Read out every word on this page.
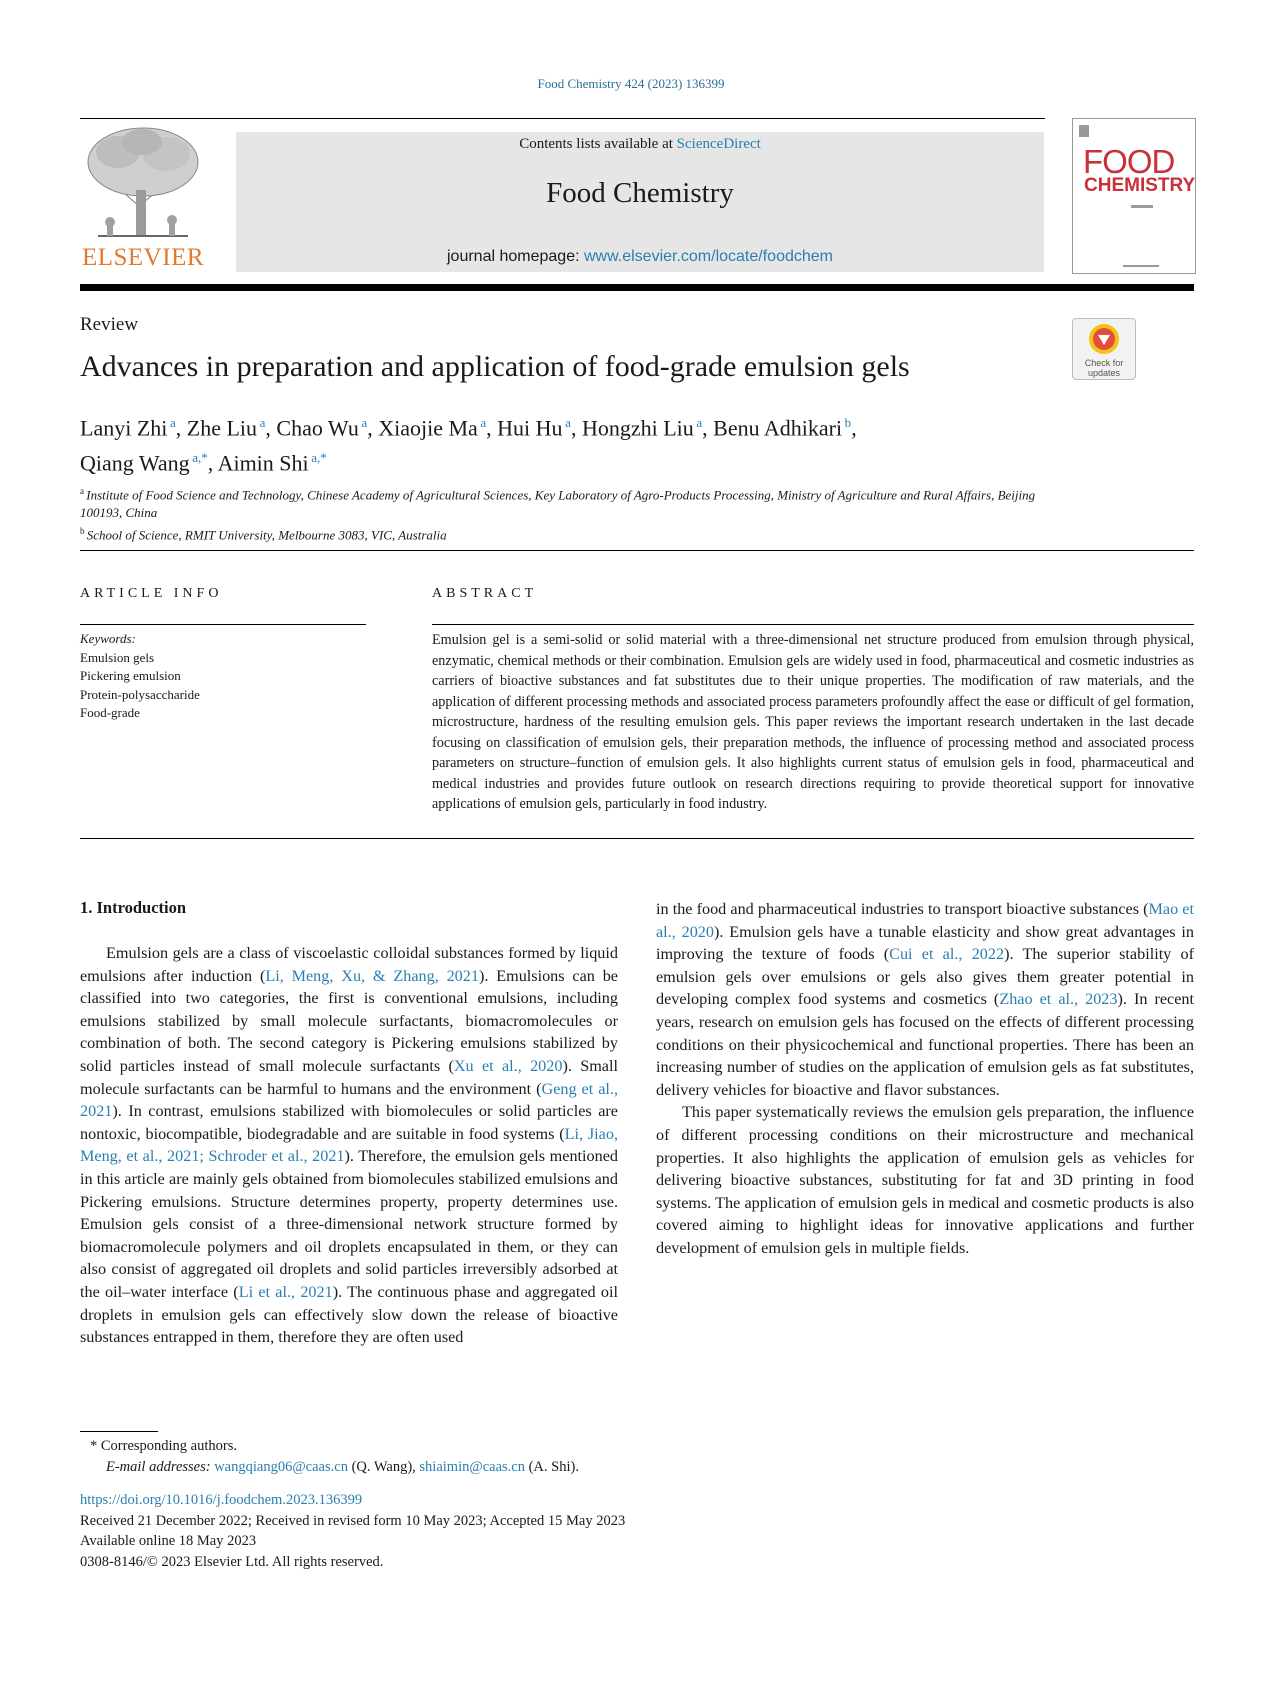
Food Chemistry 424 (2023) 136399
ELSEVIER
Contents lists available at ScienceDirect
Food Chemistry
journal homepage: www.elsevier.com/locate/foodchem
FOOD
CHEMISTRY
Review
Advances in preparation and application of food-grade emulsion gels	Check for updates
Lanyi Zhi $^a$, Zhe Liu $^a$, Chao Wu $^a$, Xiaojie Ma $^a$, Hui Hu $^a$, Hongzhi Liu $^a$, Benu Adhikari $^b$,
Qiang Wang $^{a,*}$, Aimin Shi $^{a,*}$
$^a$ Institute of Food Science and Technology, Chinese Academy of Agricultural Sciences, Key Laboratory of Agro-Products Processing, Ministry of Agriculture and Rural Affairs, Beijing 100193, China
$^b$ School of Science, RMIT University, Melbourne 3083, VIC, Australia
ARTICLE INFO	ABSTRACT
Keywords:
Emulsion gels
Pickering emulsion
Protein-polysaccharide
Food-grade
Emulsion gel is a semi-solid or solid material with a three-dimensional net structure produced from emulsion through physical, enzymatic, chemical methods or their combination. Emulsion gels are widely used in food, pharmaceutical and cosmetic industries as carriers of bioactive substances and fat substitutes due to their unique properties. The modification of raw materials, and the application of different processing methods and associated process parameters profoundly affect the ease or difficult of gel formation, microstructure, hardness of the resulting emulsion gels. This paper reviews the important research undertaken in the last decade focusing on classification of emulsion gels, their preparation methods, the influence of processing method and associated process parameters on structure–function of emulsion gels. It also highlights current status of emulsion gels in food, pharmaceutical and medical industries and provides future outlook on research directions requiring to provide theoretical support for innovative applications of emulsion gels, particularly in food industry.
1. Introduction

Emulsion gels are a class of viscoelastic colloidal substances formed by liquid emulsions after induction (Li, Meng, Xu, & Zhang, 2021). Emulsions can be classified into two categories, the first is conventional emulsions, including emulsions stabilized by small molecule surfactants, biomacromolecules or combination of both. The second category is Pickering emulsions stabilized by solid particles instead of small molecule surfactants (Xu et al., 2020). Small molecule surfactants can be harmful to humans and the environment (Geng et al., 2021). In contrast, emulsions stabilized with biomolecules or solid particles are nontoxic, biocompatible, biodegradable and are suitable in food systems (Li, Jiao, Meng, et al., 2021; Schroder et al., 2021). Therefore, the emulsion gels mentioned in this article are mainly gels obtained from biomolecules stabilized emulsions and Pickering emulsions. Structure determines property, property determines use. Emulsion gels consist of a three-dimensional network structure formed by biomacromolecule polymers and oil droplets encapsulated in them, or they can also consist of aggregated oil droplets and solid particles irreversibly adsorbed at the oil–water interface (Li et al., 2021). The continuous phase and aggregated oil droplets in emulsion gels can effectively slow down the release of bioactive substances entrapped in them, therefore they are often used

in the food and pharmaceutical industries to transport bioactive substances (Mao et al., 2020). Emulsion gels have a tunable elasticity and show great advantages in improving the texture of foods (Cui et al., 2022). The superior stability of emulsion gels over emulsions or gels also gives them greater potential in developing complex food systems and cosmetics (Zhao et al., 2023). In recent years, research on emulsion gels has focused on the effects of different processing conditions on their physicochemical and functional properties. There has been an increasing number of studies on the application of emulsion gels as fat substitutes, delivery vehicles for bioactive and flavor substances.

This paper systematically reviews the emulsion gels preparation, the influence of different processing conditions on their microstructure and mechanical properties. It also highlights the application of emulsion gels as vehicles for delivering bioactive substances, substituting for fat and 3D printing in food systems. The application of emulsion gels in medical and cosmetic products is also covered aiming to highlight ideas for innovative applications and further development of emulsion gels in multiple fields.

* Corresponding authors.
E-mail addresses: wangqiang06@caas.cn (Q. Wang), shiaimin@caas.cn (A. Shi).
https://doi.org/10.1016/j.foodchem.2023.136399
Received 21 December 2022; Received in revised form 10 May 2023; Accepted 15 May 2023
Available online 18 May 2023
0308-8146/© 2023 Elsevier Ltd. All rights reserved.
